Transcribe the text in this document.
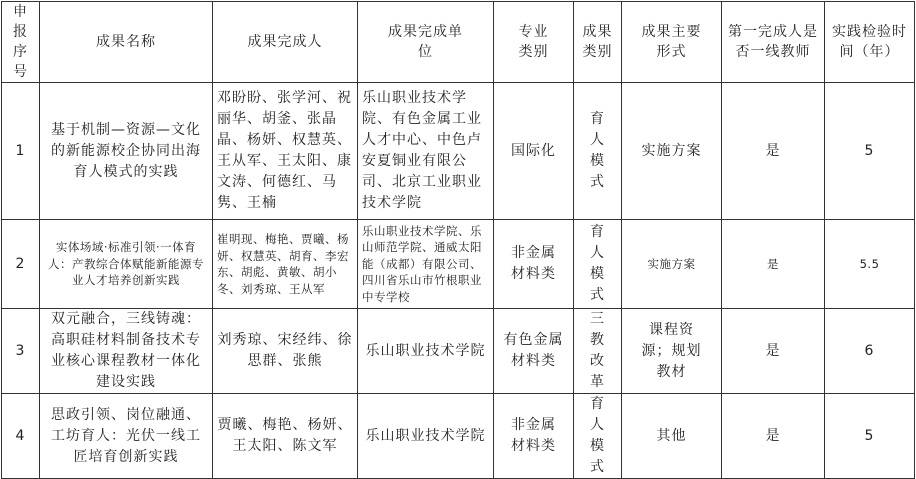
申报序号	成果名称	成果完成人	成果完成单位	专业类别	成果类别	成果主要形式	第一完成人是否一线教师	实践检验时间（年）
1	基于机制—资源—文化的新能源校企协同出海育人模式的实践	邓盼盼、张学河、祝丽华、胡釜、张晶晶、杨妍、权慧英、王从军、王太阳、康文涛、何德红、马隽、王楠	乐山职业技术学院、有色金属工业人才中心、中色卢安夏铜业有限公司、北京工业职业技术学院	国际化	育人模式	实施方案	是	5
2	实体场域·标准引领·一体育人：产教综合体赋能新能源专业人才培养创新实践	崔明现、梅艳、贾曦、杨妍、权慧英、胡育、李宏东、胡彪、黄敏、胡小冬、刘秀琼、王从军	乐山职业技术学院、乐山师范学院、通威太阳能（成都）有限公司、四川省乐山市竹根职业中专学校	非金属材料类	育人模式	实施方案	是	5.5
3	双元融合，三线铸魂：高职硅材料制备技术专业核心课程教材一体化建设实践	刘秀琼、宋经纬、徐思群、张熊	乐山职业技术学院	有色金属材料类	三教改革	课程资源；规划教材	是	6
4	思政引领、岗位融通、工坊育人：光伏一线工匠培育创新实践	贾曦、梅艳、杨妍、王太阳、陈文军	乐山职业技术学院	非金属材料类	育人模式	其他	是	5
